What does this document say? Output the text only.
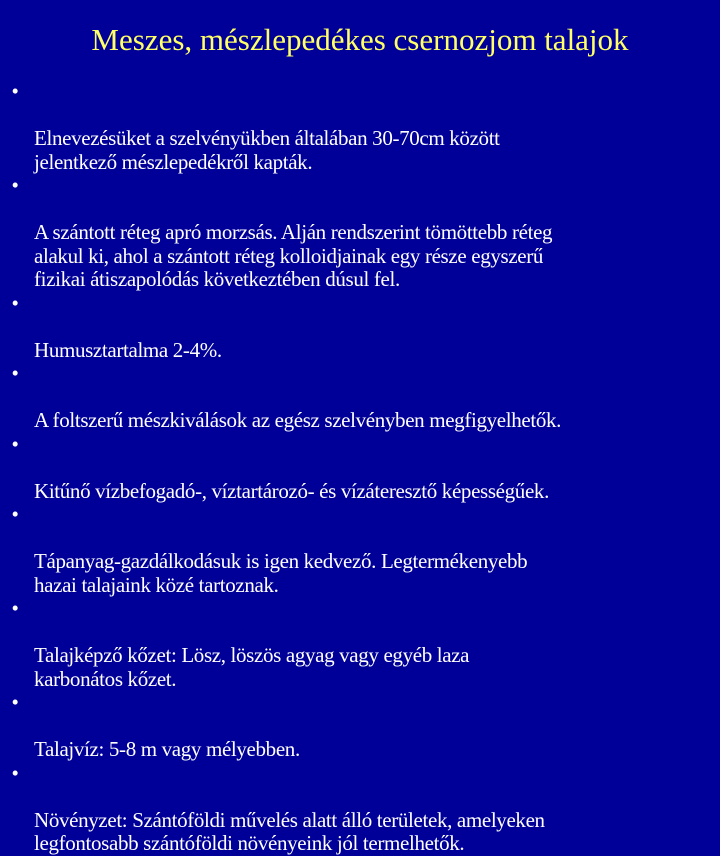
Meszes, mészlepedékes csernozjom talajok

•

Elnevezésüket a szelvényükben általában 30-70cm között
jelentkező mészlepedékről kapták.

•

A szántott réteg apró morzsás. Alján rendszerint tömöttebb réteg
alakul ki, ahol a szántott réteg kolloidjainak egy része egyszerű
fizikai átiszapolódás következtében dúsul fel.

•

Humusztartalma 2-4%.

•

A foltszerű mészkiválások az egész szelvényben megfigyelhetők.

•

Kitűnő vízbefogadó-, víztartározó- és vízáteresztő képességűek.

•

Tápanyag-gazdálkodásuk is igen kedvező. Legtermékenyebb
hazai talajaink közé tartoznak.

•

Talajképző kőzet: Lösz, löszös agyag vagy egyéb laza
karbonátos kőzet.

•

Talajvíz: 5-8 m vagy mélyebben.

•

Növényzet: Szántóföldi művelés alatt álló területek, amelyeken
legfontosabb szántóföldi növényeink jól termelhetők.
